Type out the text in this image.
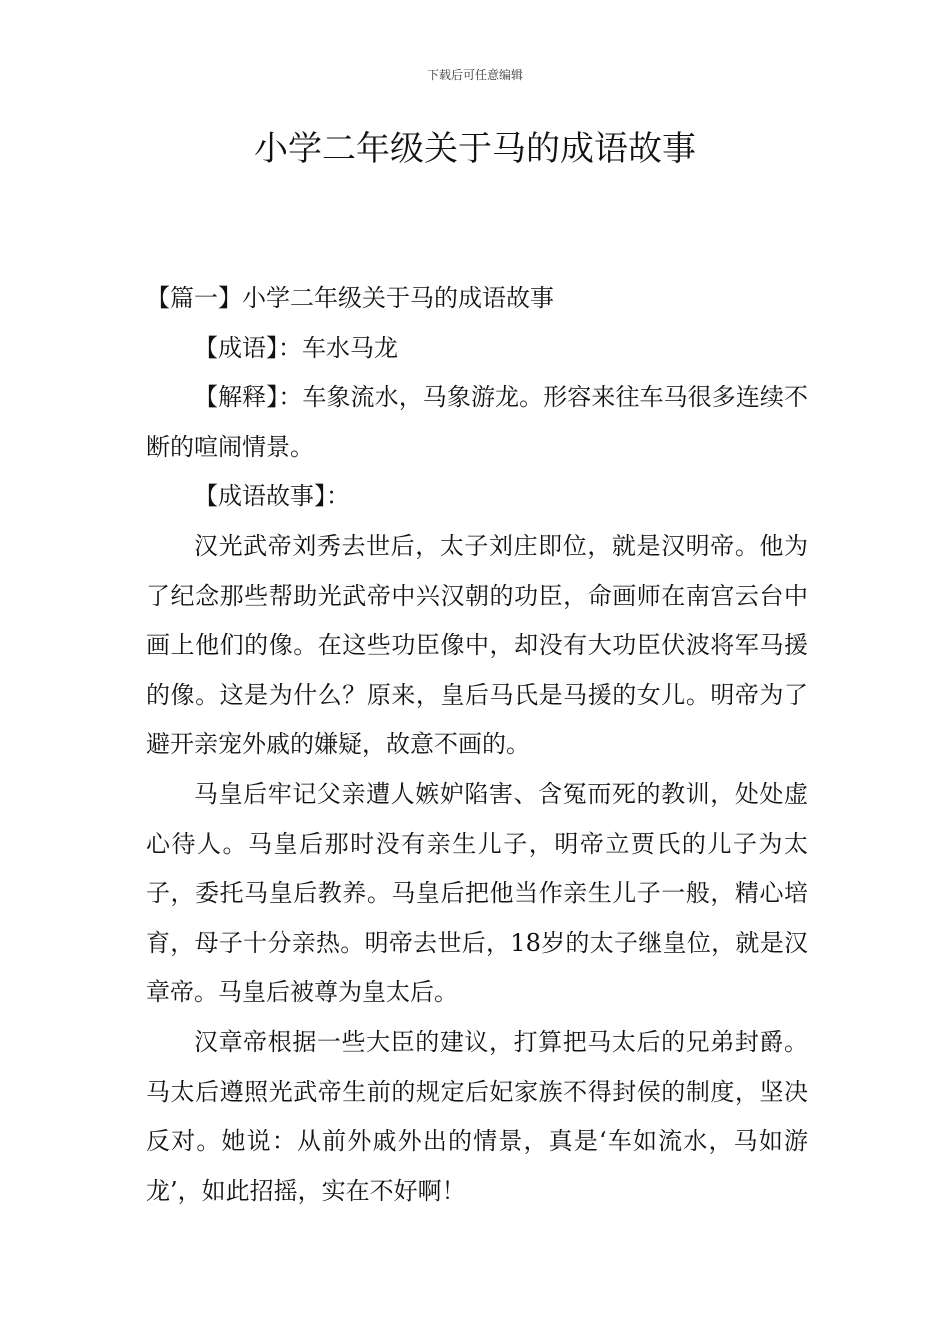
下载后可任意编辑
小学二年级关于马的成语故事

【篇一】小学二年级关于马的成语故事

【成语】：车水马龙

【解释】：车象流水，马象游龙。形容来往车马很多连续不断的喧闹情景。

【成语故事】：

汉光武帝刘秀去世后，太子刘庄即位，就是汉明帝。他为了纪念那些帮助光武帝中兴汉朝的功臣，命画师在南宫云台中画上他们的像。在这些功臣像中，却没有大功臣伏波将军马援的像。这是为什么？原来，皇后马氏是马援的女儿。明帝为了避开亲宠外戚的嫌疑，故意不画的。

马皇后牢记父亲遭人嫉妒陷害、含冤而死的教训，处处虚心待人。马皇后那时没有亲生儿子，明帝立贾氏的儿子为太子，委托马皇后教养。马皇后把他当作亲生儿子一般，精心培育，母子十分亲热。明帝去世后，18岁的太子继皇位，就是汉章帝。马皇后被尊为皇太后。

汉章帝根据一些大臣的建议，打算把马太后的兄弟封爵。马太后遵照光武帝生前的规定后妃家族不得封侯的制度，坚决反对。她说：从前外戚外出的情景，真是‘车如流水，马如游龙’，如此招摇，实在不好啊！
